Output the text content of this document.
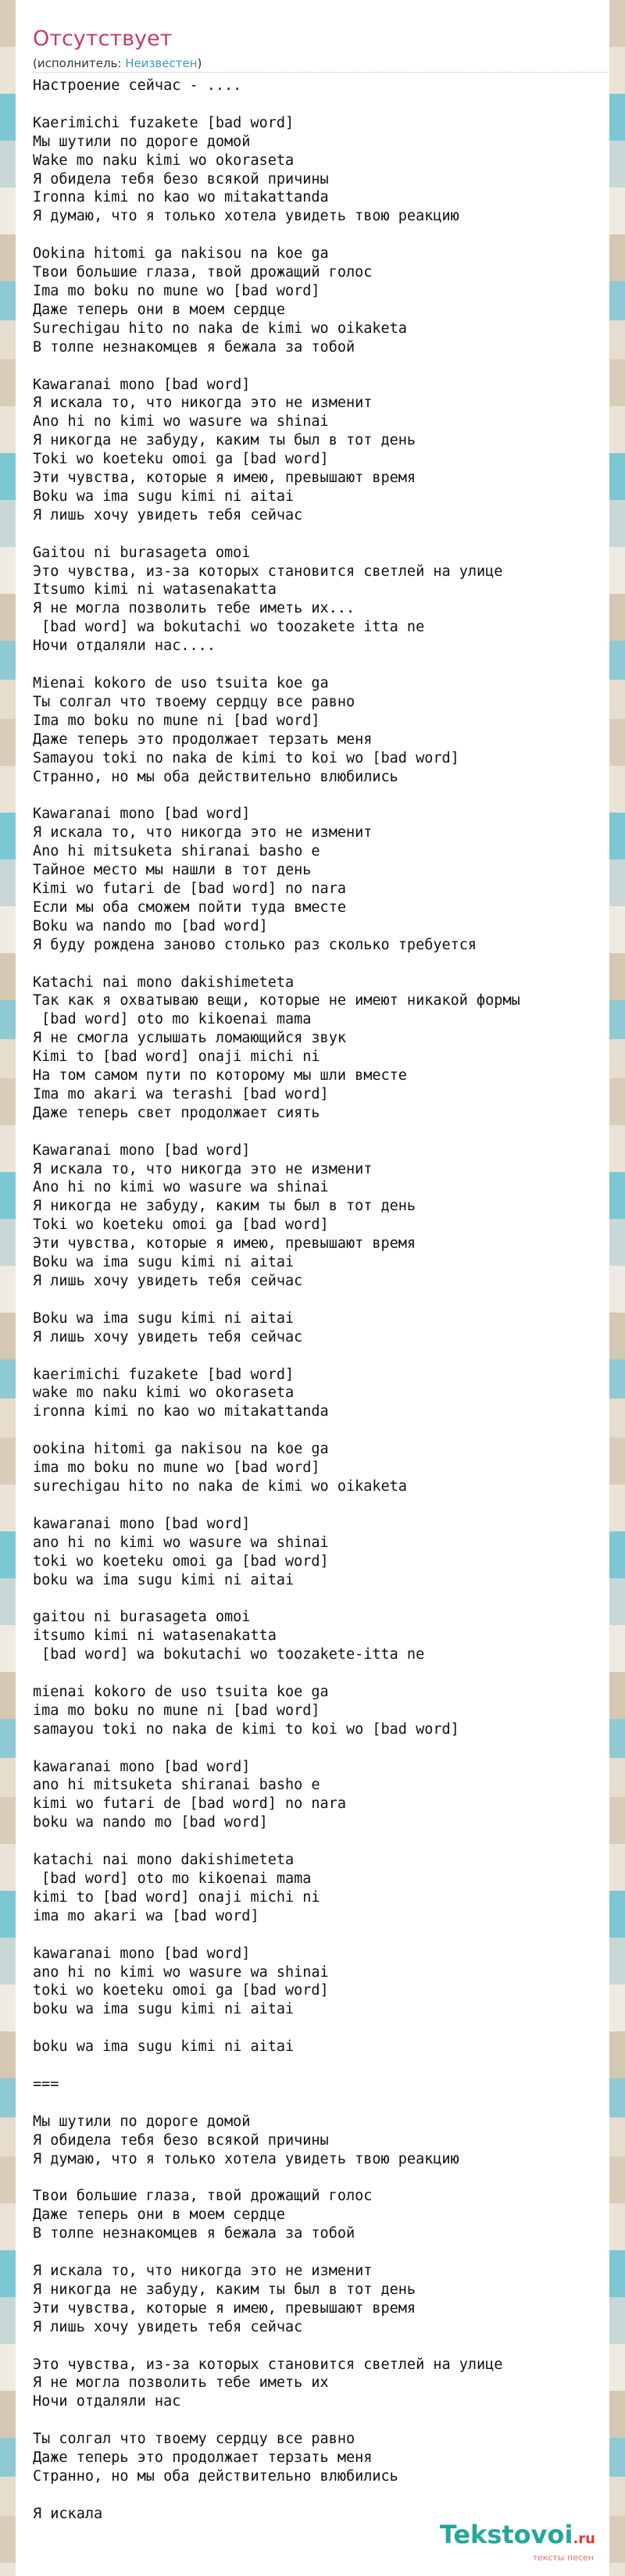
Отсутствует
(исполнитель: Неизвестен)
Настроение сейчас - ....

Kaerimichi fuzakete [bad word]
Мы шутили по дороге домой
Wake mo naku kimi wo okoraseta
Я обидела тебя безо всякой причины
Ironna kimi no kao wo mitakattanda
Я думаю, что я только хотела увидеть твою реакцию

Ookina hitomi ga nakisou na koe ga
Твои большие глаза, твой дрожащий голос
Ima mo boku no mune wo [bad word]
Даже теперь они в моем сердце
Surechigau hito no naka de kimi wo oikaketa
В толпе незнакомцев я бежала за тобой

Kawaranai mono [bad word]
Я искала то, что никогда это не изменит
Ano hi no kimi wo wasure wa shinai
Я никогда не забуду, каким ты был в тот день
Toki wo koeteku omoi ga [bad word]
Эти чувства, которые я имею, превышают время
Boku wa ima sugu kimi ni aitai
Я лишь хочу увидеть тебя сейчас

Gaitou ni burasageta omoi
Это чувства, из-за которых становится светлей на улице
Itsumo kimi ni watasenakatta
Я не могла позволить тебе иметь их...
[bad word] wa bokutachi wo toozakete itta ne
Ночи отдаляли нас....

Mienai kokoro de uso tsuita koe ga
Ты солгал что твоему сердцу все равно
Ima mo boku no mune ni [bad word]
Даже теперь это продолжает терзать меня
Samayou toki no naka de kimi to koi wo [bad word]
Странно, но мы оба действительно влюбились

Kawaranai mono [bad word]
Я искала то, что никогда это не изменит
Ano hi mitsuketa shiranai basho e
Тайное место мы нашли в тот день
Kimi wo futari de [bad word] no nara
Если мы оба сможем пойти туда вместе
Boku wa nando mo [bad word]
Я буду рождена заново столько раз сколько требуется

Katachi nai mono dakishimeteta
Так как я охватываю вещи, которые не имеют никакой формы
[bad word] oto mo kikoenai mama
Я не смогла услышать ломающийся звук
Kimi to [bad word] onaji michi ni
На том самом пути по которому мы шли вместе
Ima mo akari wa terashi [bad word]
Даже теперь свет продолжает сиять

Kawaranai mono [bad word]
Я искала то, что никогда это не изменит
Ano hi no kimi wo wasure wa shinai
Я никогда не забуду, каким ты был в тот день
Toki wo koeteku omoi ga [bad word]
Эти чувства, которые я имею, превышают время
Boku wa ima sugu kimi ni aitai
Я лишь хочу увидеть тебя сейчас

Boku wa ima sugu kimi ni aitai
Я лишь хочу увидеть тебя сейчас

kaerimichi fuzakete [bad word]
wake mo naku kimi wo okoraseta
ironna kimi no kao wo mitakattanda

ookina hitomi ga nakisou na koe ga
ima mo boku no mune wo [bad word]
surechigau hito no naka de kimi wo oikaketa

kawaranai mono [bad word]
ano hi no kimi wo wasure wa shinai
toki wo koeteku omoi ga [bad word]
boku wa ima sugu kimi ni aitai

gaitou ni burasageta omoi
itsumo kimi ni watasenakatta
[bad word] wa bokutachi wo toozakete-itta ne

mienai kokoro de uso tsuita koe ga
ima mo boku no mune ni [bad word]
samayou toki no naka de kimi to koi wo [bad word]

kawaranai mono [bad word]
ano hi mitsuketa shiranai basho e
kimi wo futari de [bad word] no nara
boku wa nando mo [bad word]

katachi nai mono dakishimeteta
[bad word] oto mo kikoenai mama
kimi to [bad word] onaji michi ni
ima mo akari wa [bad word]

kawaranai mono [bad word]
ano hi no kimi wo wasure wa shinai
toki wo koeteku omoi ga [bad word]
boku wa ima sugu kimi ni aitai

boku wa ima sugu kimi ni aitai

===

Мы шутили по дороге домой
Я обидела тебя безо всякой причины
Я думаю, что я только хотела увидеть твою реакцию

Твои большие глаза, твой дрожащий голос
Даже теперь они в моем сердце
В толпе незнакомцев я бежала за тобой

Я искала то, что никогда это не изменит
Я никогда не забуду, каким ты был в тот день
Эти чувства, которые я имею, превышают время
Я лишь хочу увидеть тебя сейчас

Это чувства, из-за которых становится светлей на улице
Я не могла позволить тебе иметь их
Ночи отдаляли нас

Ты солгал что твоему сердцу все равно
Даже теперь это продолжает терзать меня
Странно, но мы оба действительно влюбились

Я искала
Tekstovoi.ru
тексты песен
